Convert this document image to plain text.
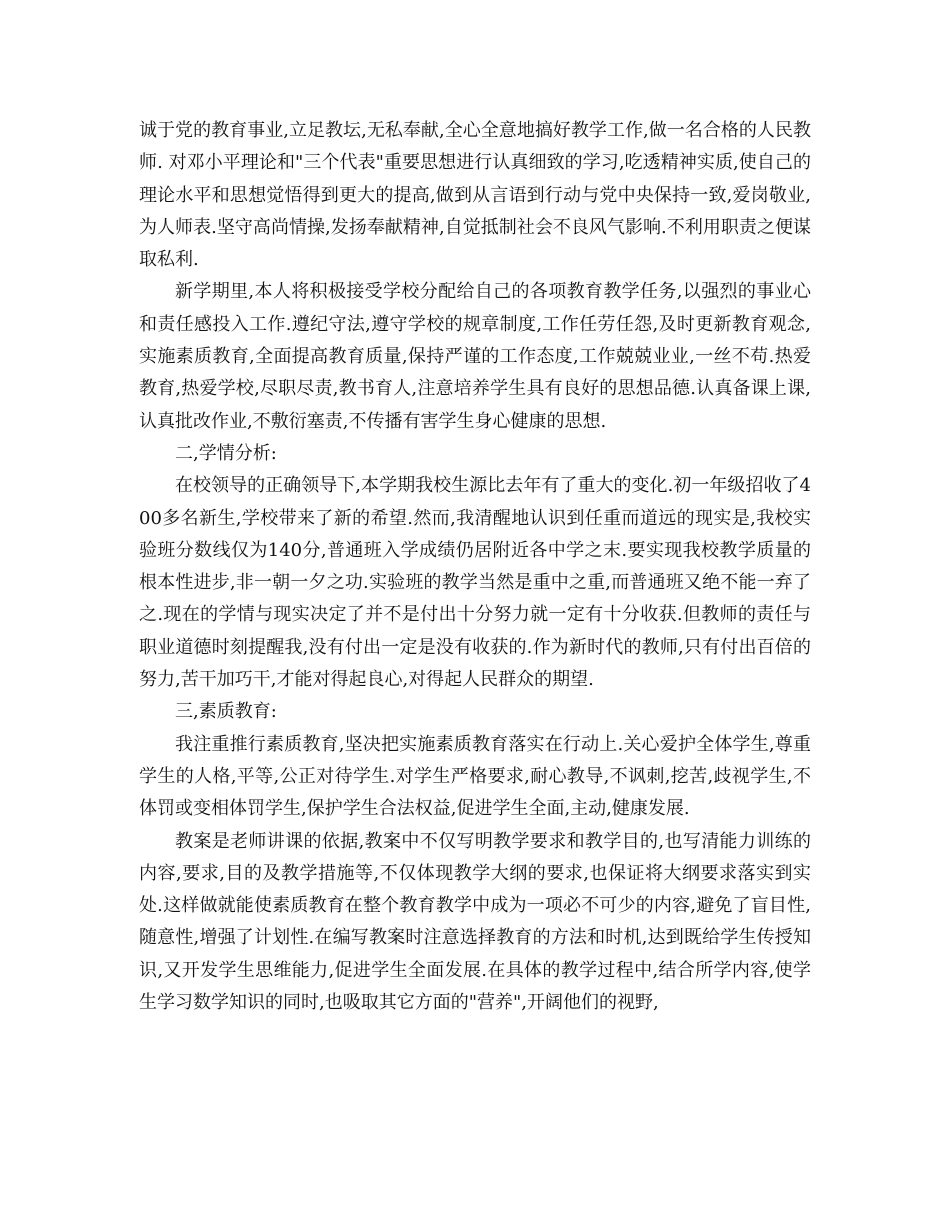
诚于党的教育事业,立足教坛,无私奉献,全心全意地搞好教学工作,做一名合格的人民教师. 对邓小平理论和"三个代表"重要思想进行认真细致的学习,吃透精神实质,使自己的理论水平和思想觉悟得到更大的提高,做到从言语到行动与党中央保持一致,爱岗敬业,为人师表.坚守高尚情操,发扬奉献精神,自觉抵制社会不良风气影响.不利用职责之便谋取私利.

新学期里,本人将积极接受学校分配给自己的各项教育教学任务,以强烈的事业心和责任感投入工作.遵纪守法,遵守学校的规章制度,工作任劳任怨,及时更新教育观念,实施素质教育,全面提高教育质量,保持严谨的工作态度,工作兢兢业业,一丝不苟.热爱教育,热爱学校,尽职尽责,教书育人,注意培养学生具有良好的思想品德.认真备课上课,认真批改作业,不敷衍塞责,不传播有害学生身心健康的思想.

二,学情分析:

在校领导的正确领导下,本学期我校生源比去年有了重大的变化.初一年级招收了400多名新生,学校带来了新的希望.然而,我清醒地认识到任重而道远的现实是,我校实验班分数线仅为140分,普通班入学成绩仍居附近各中学之末.要实现我校教学质量的根本性进步,非一朝一夕之功.实验班的教学当然是重中之重,而普通班又绝不能一弃了之.现在的学情与现实决定了并不是付出十分努力就一定有十分收获.但教师的责任与职业道德时刻提醒我,没有付出一定是没有收获的.作为新时代的教师,只有付出百倍的努力,苦干加巧干,才能对得起良心,对得起人民群众的期望.

三,素质教育:

我注重推行素质教育,坚决把实施素质教育落实在行动上.关心爱护全体学生,尊重学生的人格,平等,公正对待学生.对学生严格要求,耐心教导,不讽刺,挖苦,歧视学生,不体罚或变相体罚学生,保护学生合法权益,促进学生全面,主动,健康发展.

教案是老师讲课的依据,教案中不仅写明教学要求和教学目的,也写清能力训练的内容,要求,目的及教学措施等,不仅体现教学大纲的要求,也保证将大纲要求落实到实处.这样做就能使素质教育在整个教育教学中成为一项必不可少的内容,避免了盲目性,随意性,增强了计划性.在编写教案时注意选择教育的方法和时机,达到既给学生传授知识,又开发学生思维能力,促进学生全面发展.在具体的教学过程中,结合所学内容,使学生学习数学知识的同时,也吸取其它方面的"营养",开阔他们的视野,
